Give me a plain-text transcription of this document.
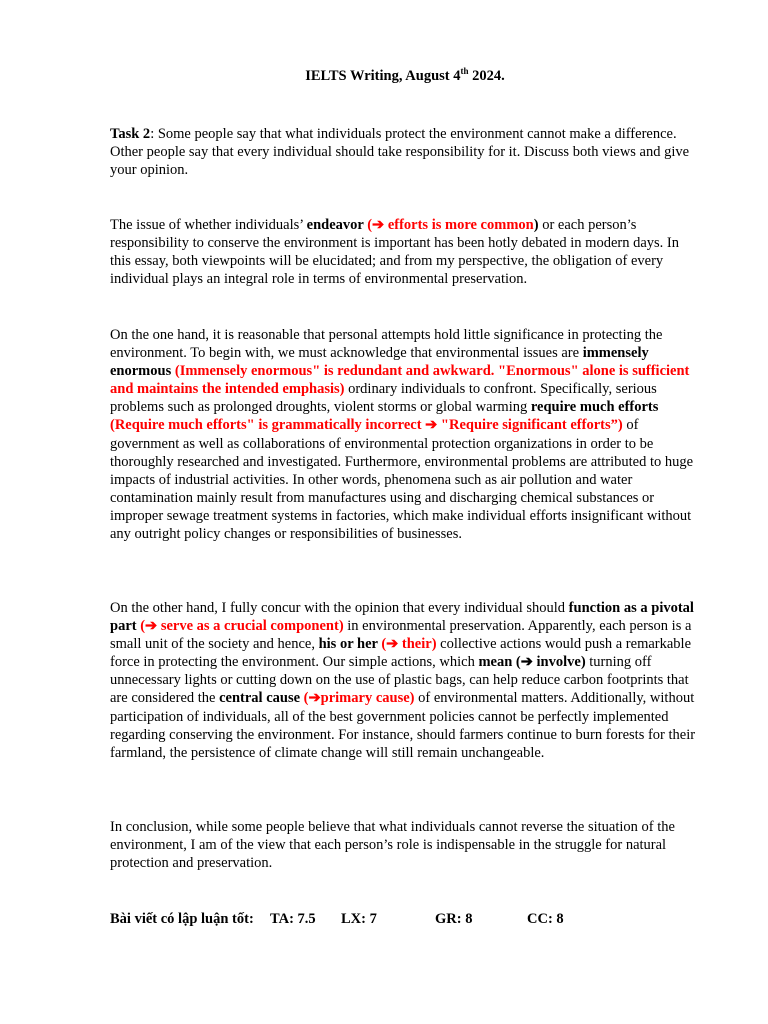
IELTS Writing, August 4th 2024.

Task 2: Some people say that what individuals protect the environment cannot make a difference. Other people say that every individual should take responsibility for it. Discuss both views and give your opinion.

The issue of whether individuals’ endeavor (➔ efforts is more common) or each person’s responsibility to conserve the environment is important has been hotly debated in modern days. In this essay, both viewpoints will be elucidated; and from my perspective, the obligation of every individual plays an integral role in terms of environmental preservation.

On the one hand, it is reasonable that personal attempts hold little significance in protecting the environment. To begin with, we must acknowledge that environmental issues are immensely enormous (Immensely enormous" is redundant and awkward. "Enormous" alone is sufficient and maintains the intended emphasis) ordinary individuals to confront. Specifically, serious problems such as prolonged droughts, violent storms or global warming require much efforts (Require much efforts" is grammatically incorrect ➔ "Require significant efforts”) of government as well as collaborations of environmental protection organizations in order to be thoroughly researched and investigated. Furthermore, environmental problems are attributed to huge impacts of industrial activities. In other words, phenomena such as air pollution and water contamination mainly result from manufactures using and discharging chemical substances or improper sewage treatment systems in factories, which make individual efforts insignificant without any outright policy changes or responsibilities of businesses.

On the other hand, I fully concur with the opinion that every individual should function as a pivotal part (➔ serve as a crucial component) in environmental preservation. Apparently, each person is a small unit of the society and hence, his or her (➔ their) collective actions would push a remarkable force in protecting the environment. Our simple actions, which mean (➔ involve) turning off unnecessary lights or cutting down on the use of plastic bags, can help reduce carbon footprints that are considered the central cause (➔primary cause) of environmental matters. Additionally, without participation of individuals, all of the best government policies cannot be perfectly implemented regarding conserving the environment. For instance, should farmers continue to burn forests for their farmland, the persistence of climate change will still remain unchangeable.

In conclusion, while some people believe that what individuals cannot reverse the situation of the environment, I am of the view that each person’s role is indispensable in the struggle for natural protection and preservation.

Bài viết có lập luận tốt: TA: 7.5 LX: 7	GR: 8	CC: 8
